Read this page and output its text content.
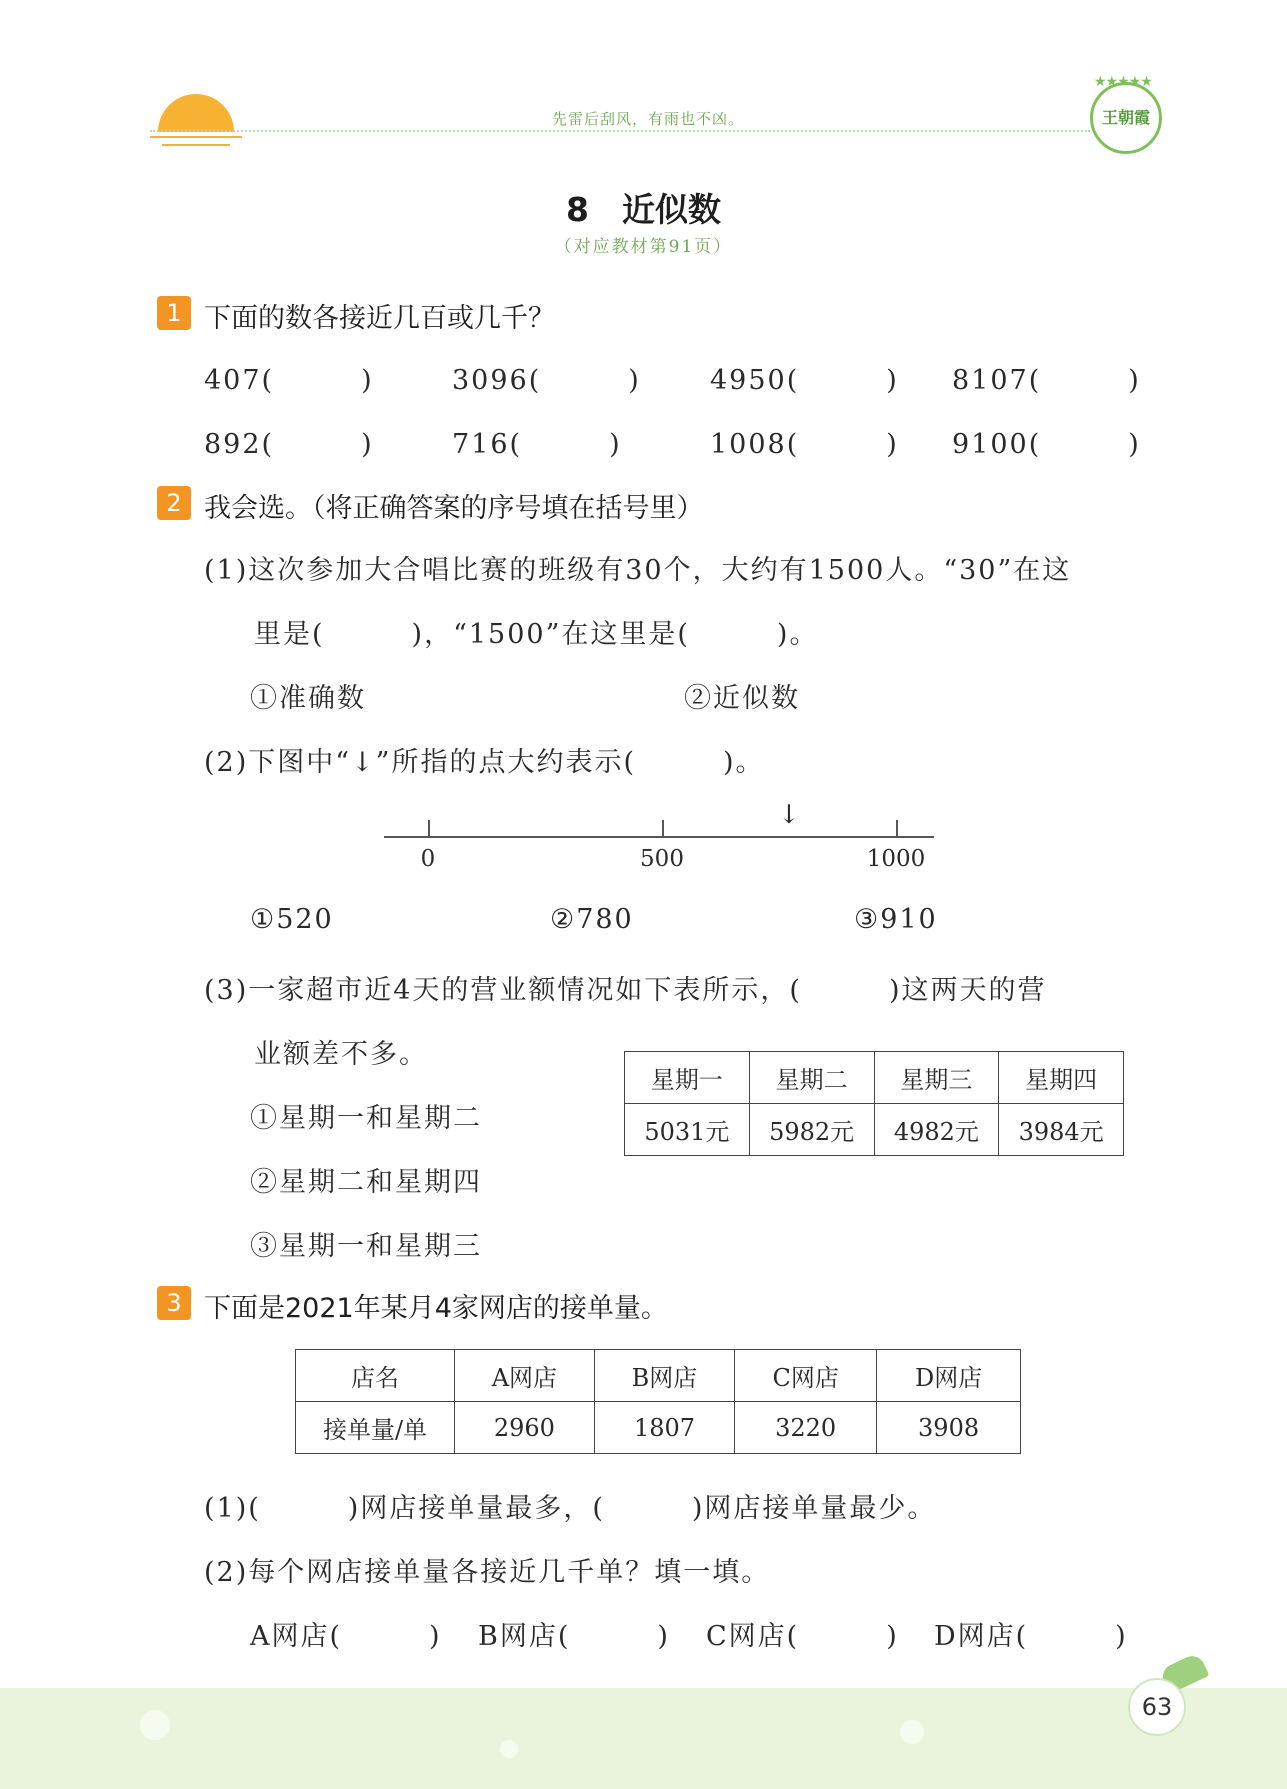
先雷后刮风，有雨也不凶。
★★★★★
王朝霞
8　近似数
（对应教材第91页）
1 下面的数各接近几百或几千？
407(　　　)	3096(　　　)	4950(　　　) 8107(　　　)
892(　　　)	716(　　　)	1008(　　　) 9100(　　　)
2 我会选。（将正确答案的序号填在括号里）
(1)这次参加大合唱比赛的班级有30个，大约有1500人。“30”在这
里是(　　　)，“1500”在这里是(　　　)。
①准确数	②近似数
(2)下图中“↓”所指的点大约表示(　　　)。
0	500	1000
↓
①520	②780	③910
(3)一家超市近4天的营业额情况如下表所示，(　　　)这两天的营
业额差不多。
①星期一和星期二
②星期二和星期四
③星期一和星期三
星期一	星期二	星期三	星期四
5031元	5982元	4982元	3984元
3 下面是2021年某月4家网店的接单量。
店名	A网店	B网店	C网店	D网店
接单量/单	2960	1807	3220	3908
(1)(　　　)网店接单量最多，(　　　)网店接单量最少。
(2)每个网店接单量各接近几千单？填一填。
A网店(　　　) B网店(　　　) C网店(　　　) D网店(　　　)
63
